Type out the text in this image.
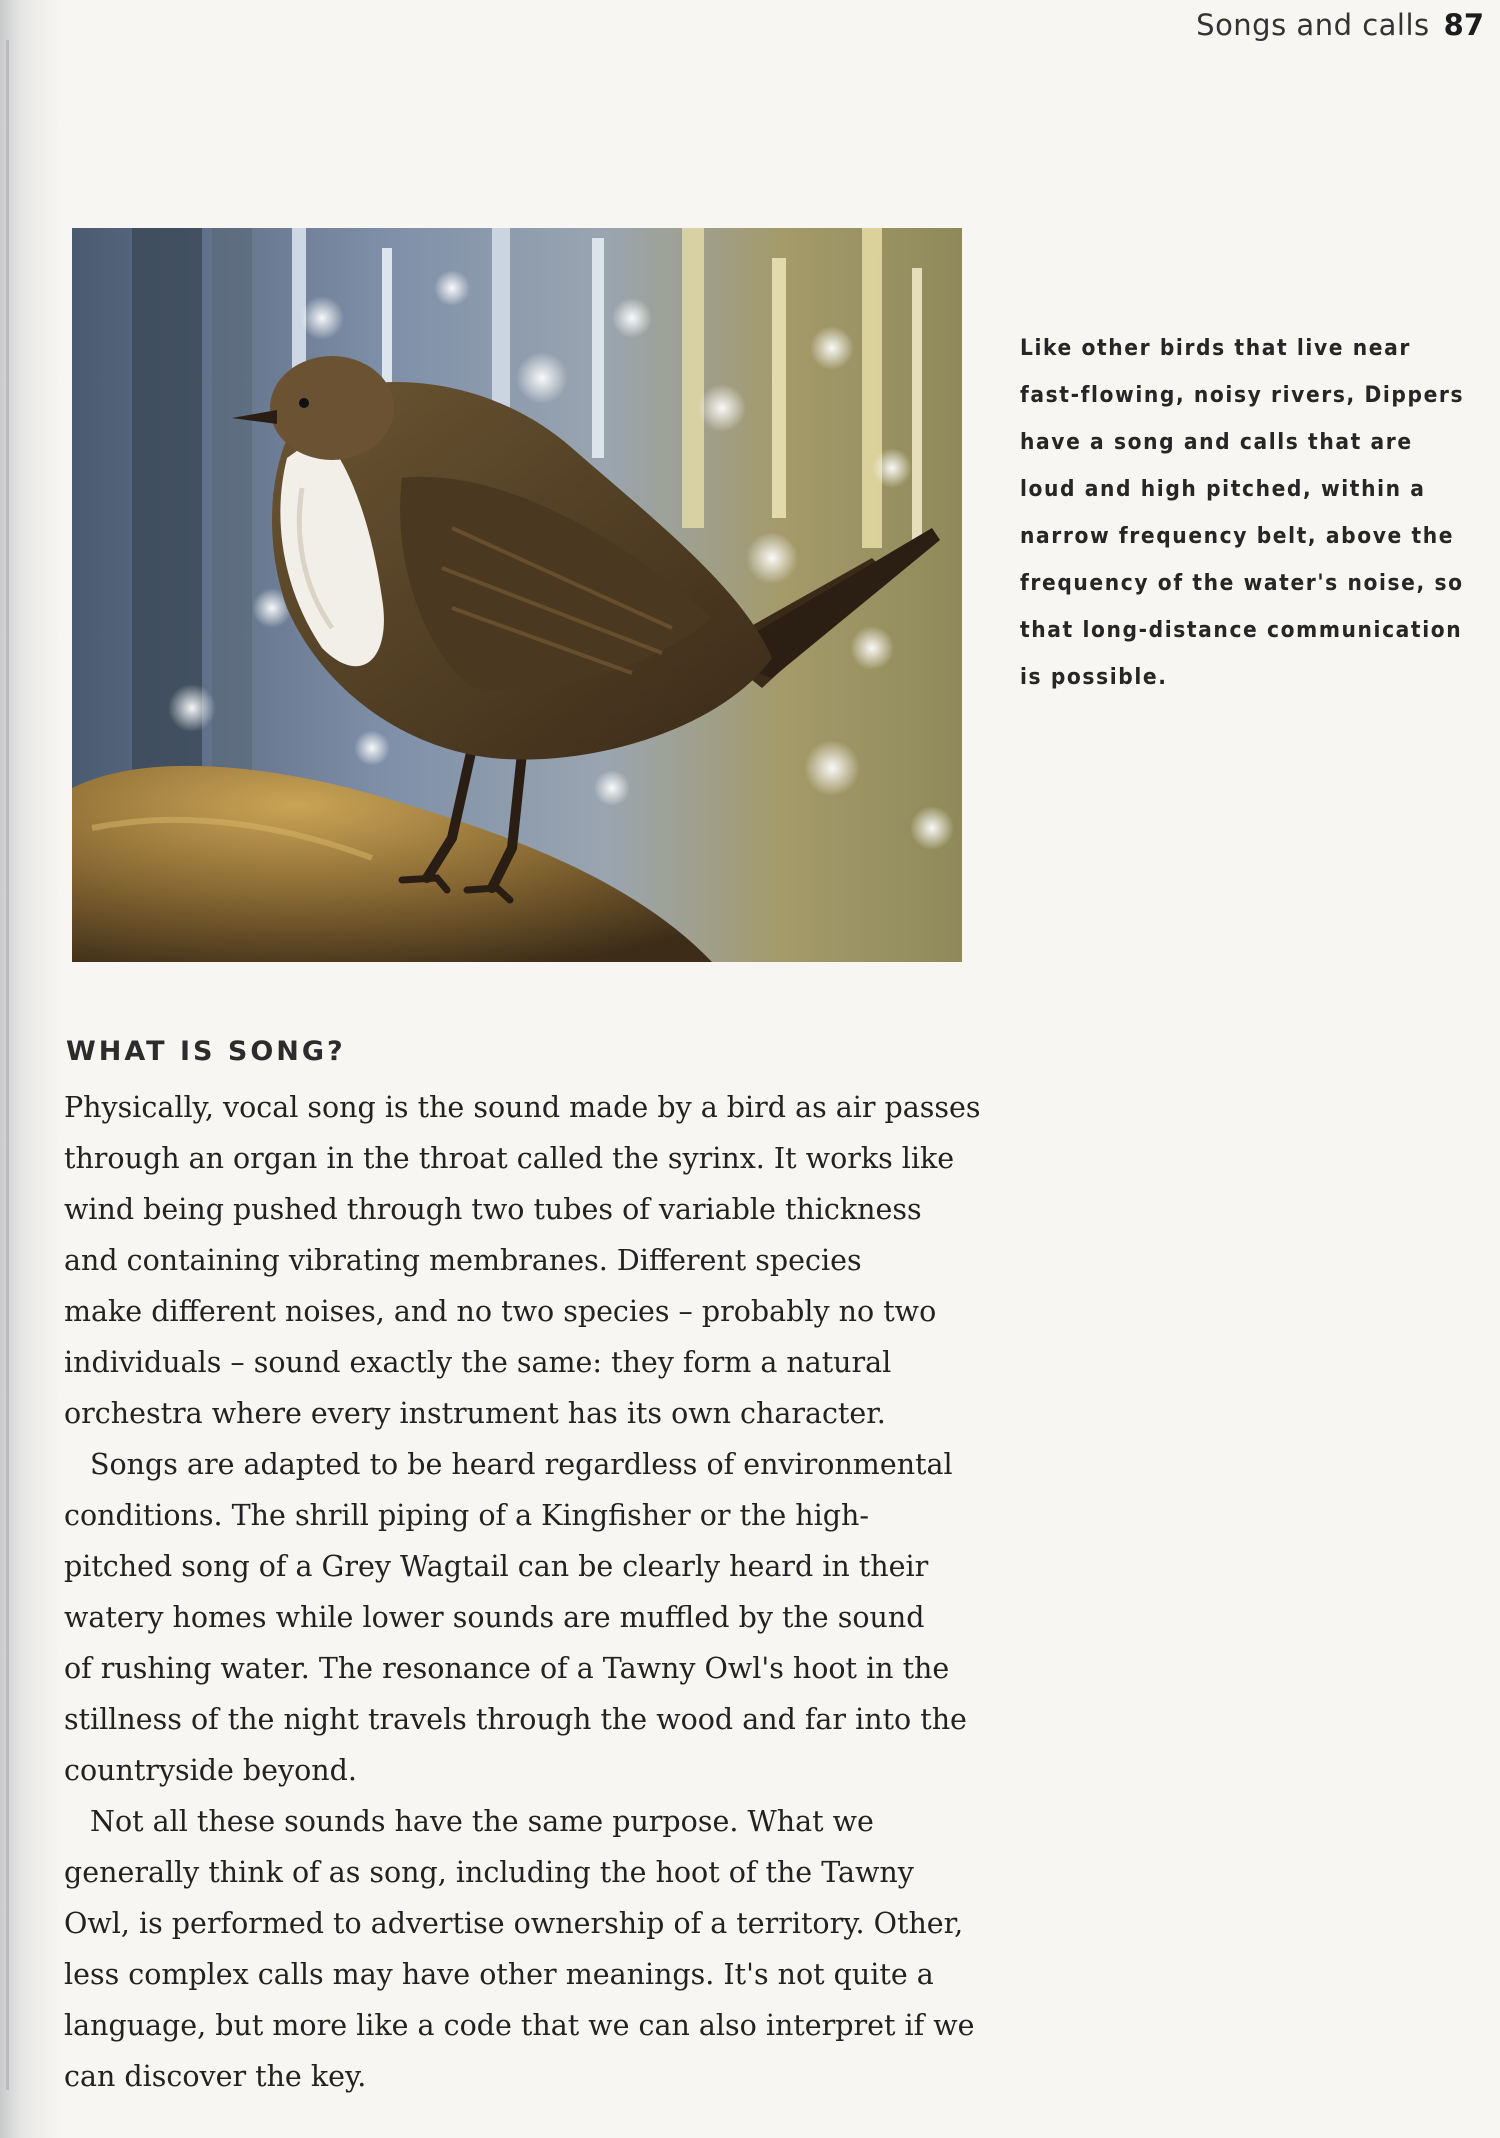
Songs and calls 87
Like other birds that live near
fast-flowing, noisy rivers, Dippers
have a song and calls that are
loud and high pitched, within a
narrow frequency belt, above the
frequency of the water's noise, so
that long-distance communication
is possible.
WHAT IS SONG?
Physically, vocal song is the sound made by a bird as air passes
through an organ in the throat called the syrinx. It works like
wind being pushed through two tubes of variable thickness
and containing vibrating membranes. Different species
make different noises, and no two species – probably no two
individuals – sound exactly the same: they form a natural
orchestra where every instrument has its own character.
Songs are adapted to be heard regardless of environmental
conditions. The shrill piping of a Kingfisher or the high-
pitched song of a Grey Wagtail can be clearly heard in their
watery homes while lower sounds are muffled by the sound
of rushing water. The resonance of a Tawny Owl's hoot in the
stillness of the night travels through the wood and far into the
countryside beyond.
Not all these sounds have the same purpose. What we
generally think of as song, including the hoot of the Tawny
Owl, is performed to advertise ownership of a territory. Other,
less complex calls may have other meanings. It's not quite a
language, but more like a code that we can also interpret if we
can discover the key.
